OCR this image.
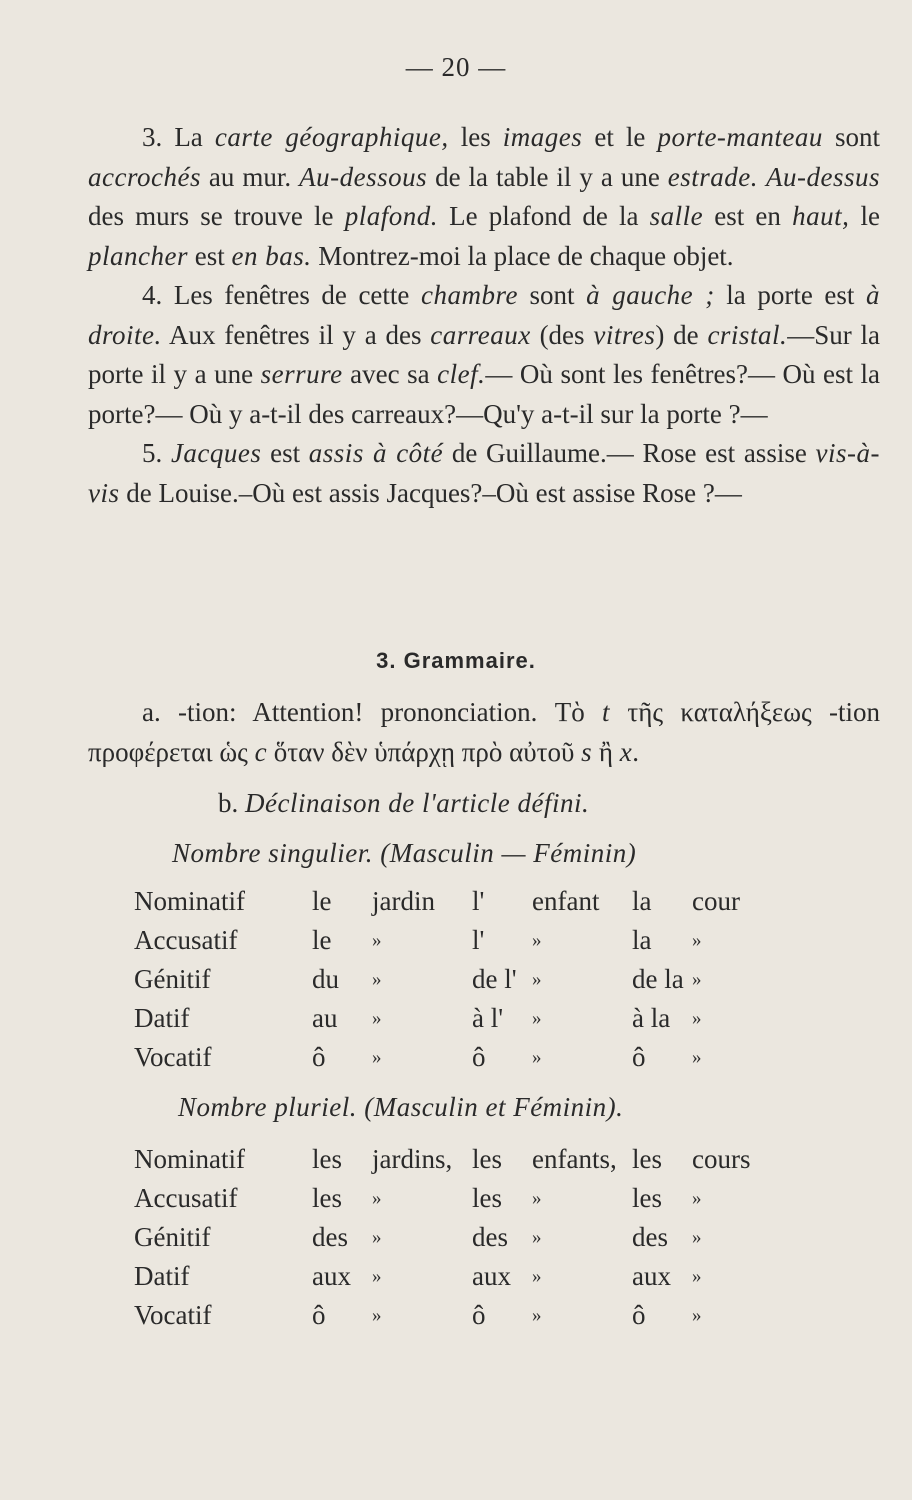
— 20 —

3. La carte géographique, les images et le porte-manteau sont accrochés au mur. Au-dessous de la table il y a une estrade. Au-dessus des murs se trouve le plafond. Le plafond de la salle est en haut, le plancher est en bas. Montrez-moi la place de chaque objet.

4. Les fenêtres de cette chambre sont à gauche ; la porte est à droite. Aux fenêtres il y a des carreaux (des vitres) de cristal.—Sur la porte il y a une serrure avec sa clef.— Où sont les fenêtres?— Où est la porte?— Où y a-t-il des carreaux?—Qu'y a-t-il sur la porte ?—

5. Jacques est assis à côté de Guillaume.— Rose est assise vis-à-vis de Louise.–Où est assis Jacques?–Où est assise Rose ?—

3. Grammaire.

a. -tion: Attention! prononciation. Τὸ t τῆς καταλήξεως -tion προφέρεται ὡς c ὅταν δὲν ὑπάρχῃ πρὸ αὐτοῦ s ἢ x.

b. Déclinaison de l'article défini.
Nombre singulier. (Masculin — Féminin)
Nominatif	le	jardin	l'	enfant	la	cour
Accusatif	le	»	l'	»	la	»
Génitif	du	»	de l'	»	de la	»
Datif	au	»	à l'	»	à la	»
Vocatif	ô	»	ô	»	ô	»
Nombre pluriel. (Masculin et Féminin).
Nominatif	les	jardins,	les	enfants,	les	cours
Accusatif	les	»	les	»	les	»
Génitif	des	»	des	»	des	»
Datif	aux	»	aux	»	aux	»
Vocatif	ô	»	ô	»	ô	»
